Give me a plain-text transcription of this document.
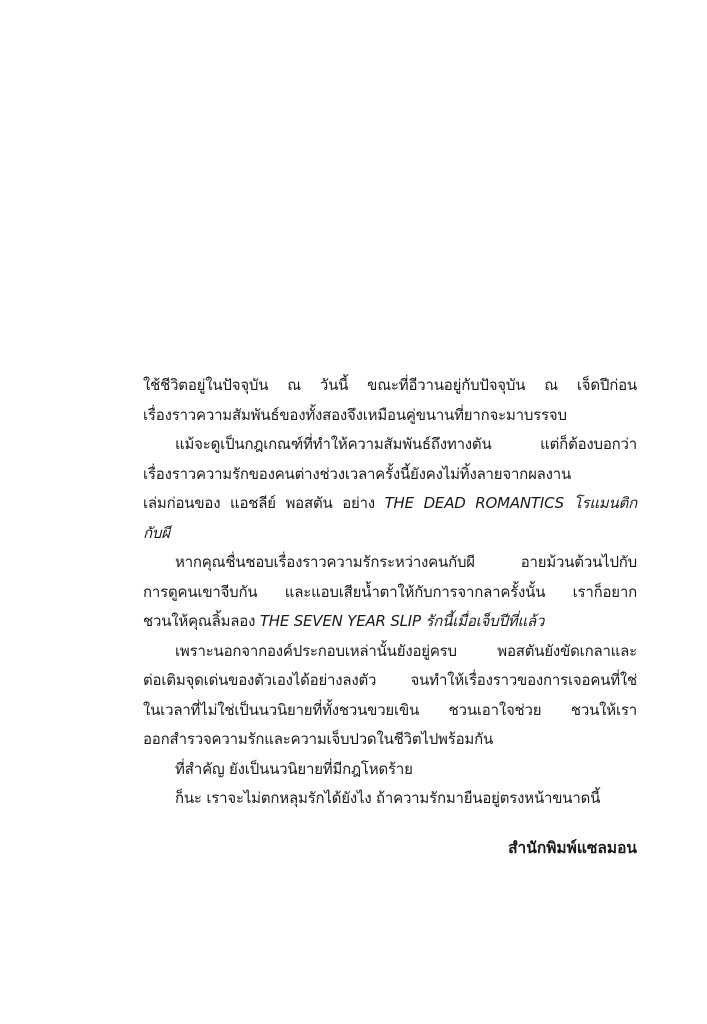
ใช้ชีวิตอยู่ในปัจจุบัน ณ วันนี้ ขณะที่อีวานอยู่กับปัจจุบัน ณ เจ็ดปีก่อน
เรื่องราวความสัมพันธ์ของทั้งสองจึงเหมือนคู่ขนานที่ยากจะมาบรรจบ
แม้จะดูเป็นกฎเกณฑ์ที่ทำให้ความสัมพันธ์ถึงทางตัน แต่ก็ต้องบอกว่า
เรื่องราวความรักของคนต่างช่วงเวลาครั้งนี้ยังคงไม่ทิ้งลายจากผลงาน
เล่มก่อนของ แอชลีย์ พอสตัน อย่าง THE DEAD ROMANTICS โรแมนติก
กับผี
หากคุณชื่นชอบเรื่องราวความรักระหว่างคนกับผี อายม้วนต้วนไปกับ
การดูคนเขาจีบกัน และแอบเสียน้ำตาให้กับการจากลาครั้งนั้น เราก็อยาก
ชวนให้คุณลิ้มลอง THE SEVEN YEAR SLIP รักนี้เมื่อเจ็บปีที่แล้ว
เพราะนอกจากองค์ประกอบเหล่านั้นยังอยู่ครบ พอสตันยังขัดเกลาและ
ต่อเติมจุดเด่นของตัวเองได้อย่างลงตัว จนทำให้เรื่องราวของการเจอคนที่ใช่
ในเวลาที่ไม่ใช่เป็นนวนิยายที่ทั้งชวนขวยเขิน ชวนเอาใจช่วย ชวนให้เรา
ออกสำรวจความรักและความเจ็บปวดในชีวิตไปพร้อมกัน
ที่สำคัญ ยังเป็นนวนิยายที่มีกฎโหดร้าย
ก็นะ เราจะไม่ตกหลุมรักได้ยังไง ถ้าความรักมายืนอยู่ตรงหน้าขนาดนี้
สำนักพิมพ์แซลมอน
